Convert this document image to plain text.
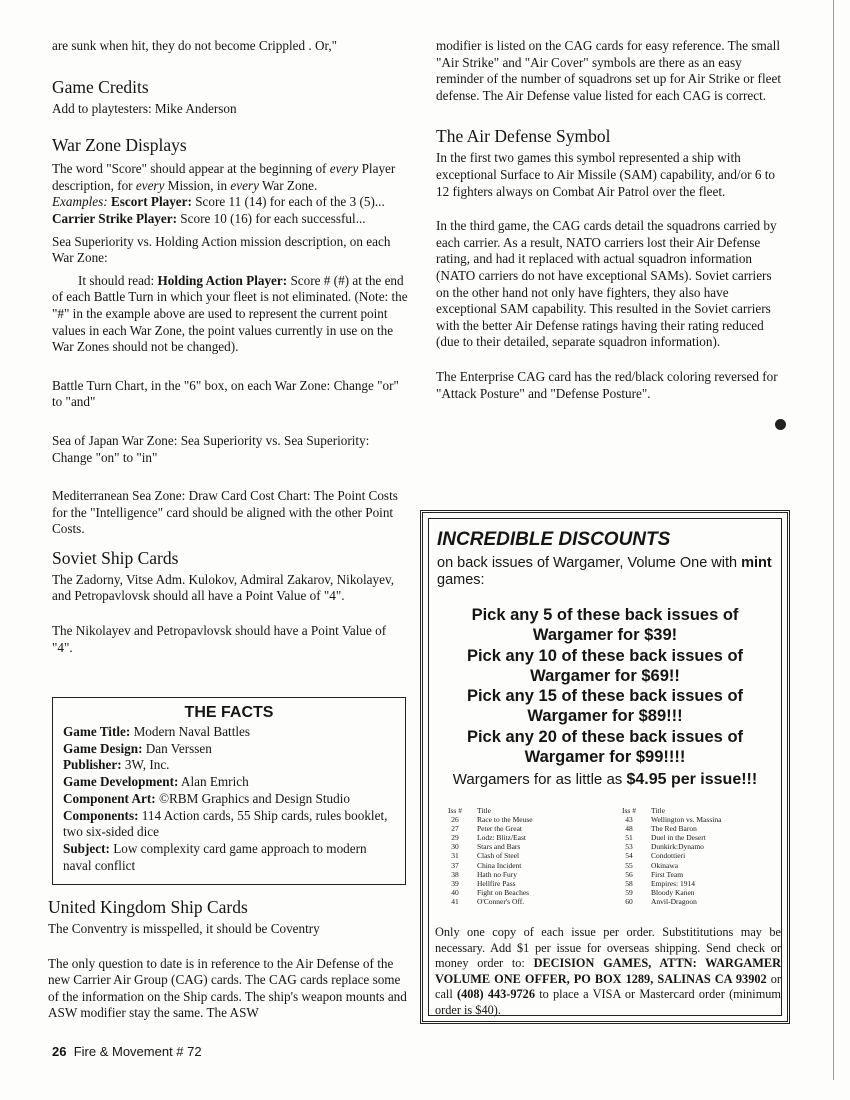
are sunk when hit, they do not become Crippled . Or,"

Game Credits

Add to playtesters: Mike Anderson

War Zone Displays

The word "Score" should appear at the beginning of every Player description, for every Mission, in every War Zone.
Examples: Escort Player: Score 11 (14) for each of the 3 (5)...
Carrier Strike Player: Score 10 (16) for each successful...

Sea Superiority vs. Holding Action mission description, on each War Zone:

It should read: Holding Action Player: Score # (#) at the end of each Battle Turn in which your fleet is not eliminated. (Note: the "#" in the example above are used to represent the current point values in each War Zone, the point values currently in use on the War Zones should not be changed).

Battle Turn Chart, in the "6" box, on each War Zone: Change "or" to "and"

Sea of Japan War Zone: Sea Superiority vs. Sea Superiority: Change "on" to "in"

Mediterranean Sea Zone: Draw Card Cost Chart: The Point Costs for the "Intelligence" card should be aligned with the other Point Costs.

Soviet Ship Cards

The Zadorny, Vitse Adm. Kulokov, Admiral Zakarov, Nikolayev, and Petropavlovsk should all have a Point Value of "4".

The Nikolayev and Petropavlovsk should have a Point Value of "4".

THE FACTS

Game Title: Modern Naval Battles

Game Design: Dan Verssen

Publisher: 3W, Inc.

Game Development: Alan Emrich

Component Art: ©RBM Graphics and Design Studio

Components: 114 Action cards, 55 Ship cards, rules booklet, two six-sided dice

Subject: Low complexity card game approach to modern naval conflict

United Kingdom Ship Cards

The Conventry is misspelled, it should be Coventry

The only question to date is in reference to the Air Defense of the new Carrier Air Group (CAG) cards. The CAG cards replace some of the information on the Ship cards. The ship's weapon mounts and ASW modifier stay the same. The ASW

modifier is listed on the CAG cards for easy reference. The small "Air Strike" and "Air Cover" symbols are there as an easy reminder of the number of squadrons set up for Air Strike or fleet defense. The Air Defense value listed for each CAG is correct.

The Air Defense Symbol

In the first two games this symbol represented a ship with exceptional Surface to Air Missile (SAM) capability, and/or 6 to 12 fighters always on Combat Air Patrol over the fleet.

In the third game, the CAG cards detail the squadrons carried by each carrier. As a result, NATO carriers lost their Air Defense rating, and had it replaced with actual squadron information (NATO carriers do not have exceptional SAMs). Soviet carriers on the other hand not only have fighters, they also have exceptional SAM capability. This resulted in the Soviet carriers with the better Air Defense ratings having their rating reduced (due to their detailed, separate squadron information).

The Enterprise CAG card has the red/black coloring reversed for "Attack Posture" and "Defense Posture".

INCREDIBLE DISCOUNTS
on back issues of Wargamer, Volume One with mint games:
Pick any 5 of these back issues of
Wargamer for $39!
Pick any 10 of these back issues of
Wargamer for $69!!
Pick any 15 of these back issues of
Wargamer for $89!!!
Pick any 20 of these back issues of
Wargamer for $99!!!!
Wargamers for as little as $4.95 per issue!!!
Iss #	Title
26	Race to the Meuse
27	Peter the Great
29	Lodz: Blitz/East
30	Stars and Bars
31	Clash of Steel
37	China Incident
38	Hath no Fury
39	Hellfire Pass
40	Fight on Beaches
41	O'Conner's Off.
Iss #	Title
43	Wellington vs. Massina
48	The Red Baron
51	Duel in the Desert
53	Dunkirk:Dynamo
54	Condottieri
55	Okinawa
56	First Team
58	Empires: 1914
59	Bloody Kanen
60	Anvil-Dragoon
Only one copy of each issue per order. Substititutions may be necessary. Add $1 per issue for overseas shipping. Send check or money order to: DECISION GAMES, ATTN: WARGAMER VOLUME ONE OFFER, PO BOX 1289, SALINAS CA 93902 or call (408) 443-9726 to place a VISA or Mastercard order (minimum order is $40).
26 Fire & Movement # 72
